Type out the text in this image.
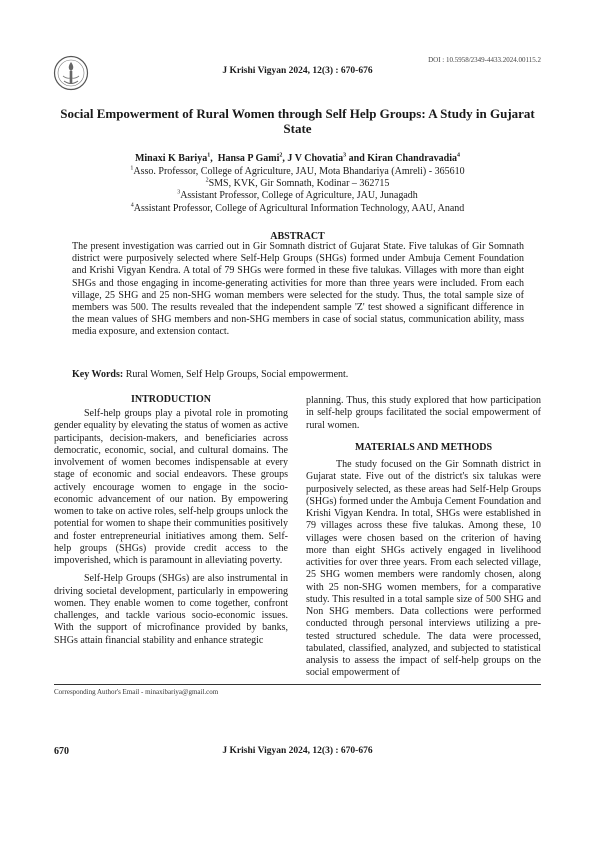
DOI : 10.5958/2349-4433.2024.00115.2
J Krishi Vigyan 2024, 12(3) : 670-676
Social Empowerment of Rural Women through Self Help Groups: A Study in Gujarat State
Minaxi K Bariya$^1$,  Hansa P Gami$^2$, J V Chovatia$^3$ and Kiran Chandravadia$^4$
$^1$Asso. Professor, College of Agriculture, JAU, Mota Bhandariya (Amreli) - 365610
$^2$SMS, KVK, Gir Somnath, Kodinar – 362715
$^3$Assistant Professor, College of Agriculture, JAU, Junagadh
$^4$Assistant Professor, College of Agricultural Information Technology, AAU, Anand
ABSTRACT
The present investigation was carried out in Gir Somnath district of Gujarat State. Five talukas of Gir Somnath district were purposively selected where Self-Help Groups (SHGs) formed under Ambuja Cement Foundation and Krishi Vigyan Kendra. A total of 79 SHGs were formed in these five talukas. Villages with more than eight SHGs and those engaging in income-generating activities for more than three years were included. From each village, 25 SHG and 25 non-SHG woman members were selected for the study. Thus, the total sample size of members was 500. The results revealed that the independent sample 'Z' test showed a significant difference in the mean values of SHG members and non-SHG members in case of social status, communication ability, mass media exposure, and extension contact.
Key Words: Rural Women, Self Help Groups, Social empowerment.
INTRODUCTION

Self-help groups play a pivotal role in promoting gender equality by elevating the status of women as active participants, decision-makers, and beneficiaries across democratic, economic, social, and cultural domains. The involvement of women becomes indispensable at every stage of economic and social endeavors. These groups actively encourage women to engage in the socio-economic advancement of our nation. By empowering women to take on active roles, self-help groups unlock the potential for women to shape their communities positively and foster entrepreneurial initiatives among them. Self-help groups (SHGs) provide credit access to the impoverished, which is paramount in alleviating poverty.

Self-Help Groups (SHGs) are also instrumental in driving societal development, particularly in empowering women. They enable women to come together, confront challenges, and tackle various socio-economic issues. With the support of microfinance provided by banks, SHGs attain financial stability and enhance strategic

planning. Thus, this study explored that how participation in self-help groups facilitated the social empowerment of rural women.

MATERIALS AND METHODS

The study focused on the Gir Somnath district in Gujarat state. Five out of the district's six talukas were purposively selected, as these areas had Self-Help Groups (SHGs) formed under the Ambuja Cement Foundation and Krishi Vigyan Kendra. In total, SHGs were established in 79 villages across these five talukas. Among these, 10 villages were chosen based on the criterion of having more than eight SHGs actively engaged in livelihood activities for over three years. From each selected village, 25 SHG women members were randomly chosen, along with 25 non-SHG women members, for a comparative study. This resulted in a total sample size of 500 SHG and Non SHG members. Data collections were performed conducted through personal interviews utilizing a pre-tested structured schedule. The data were processed, tabulated, classified, analyzed, and subjected to statistical analysis to assess the impact of self-help groups on the social empowerment of

Corresponding Author's Email - minaxibariya@gmail.com
670	J Krishi Vigyan 2024, 12(3) : 670-676
